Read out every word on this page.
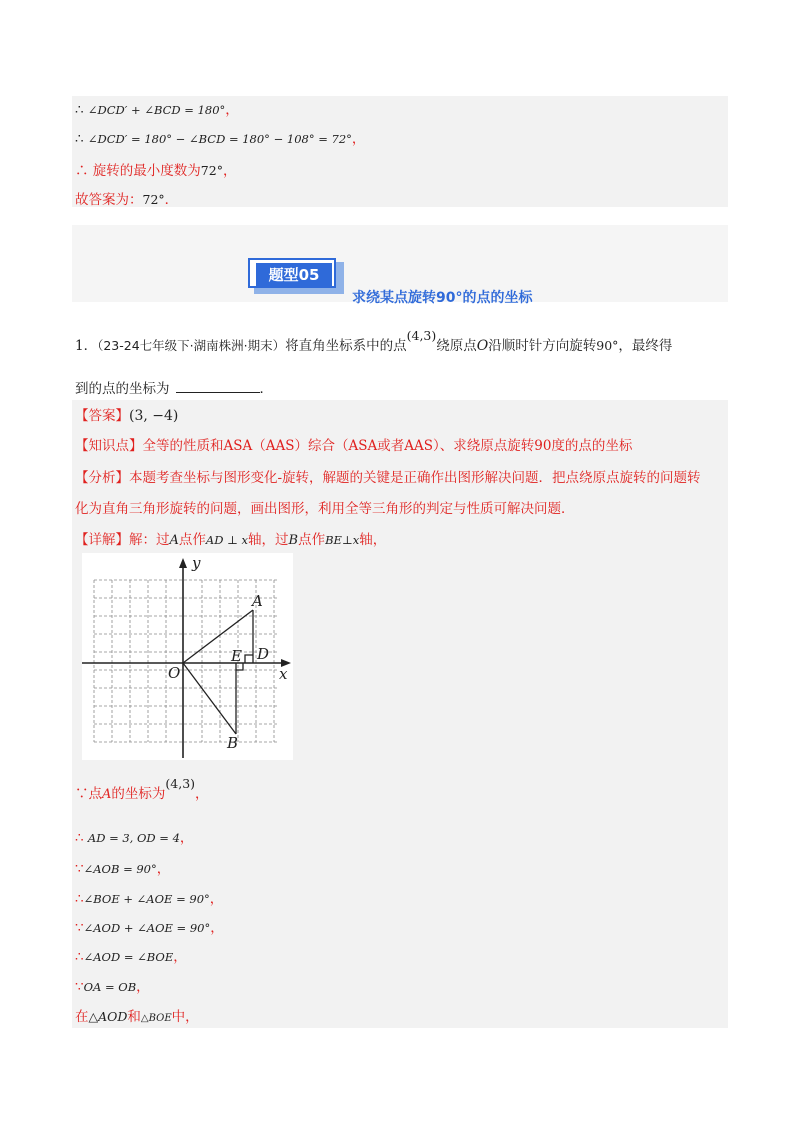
∴ ∠DCD′ + ∠BCD = 180°，
∴ ∠DCD′ = 180° − ∠BCD = 180° − 108° = 72°，
∴ 旋转的最小度数为72°，
故答案为：72°．
题型05
求绕某点旋转90°的点的坐标
1．（23-24七年级下·湖南株洲·期末）将直角坐标系中的点(4,3)绕原点O沿顺时针方向旋转90°，最终得
到的点的坐标为	．
【答案】(3, −4)
【知识点】全等的性质和ASA（AAS）综合（ASA或者AAS）、求绕原点旋转90度的点的坐标
【分析】本题考查坐标与图形变化-旋转，解题的关键是正确作出图形解决问题．把点绕原点旋转的问题转
化为直角三角形旋转的问题，画出图形，利用全等三角形的判定与性质可解决问题．
【详解】解：过A点作AD ⊥ x轴，过B点作BE⊥x轴，
y
x
O
A
B
D
E
∵点A的坐标为(4,3)，
∴ AD = 3, OD = 4，
∵∠AOB = 90°，
∴∠BOE + ∠AOE = 90°，
∵∠AOD + ∠AOE = 90°，
∴∠AOD = ∠BOE，
∵OA = OB，
在△AOD和△BOE中，
